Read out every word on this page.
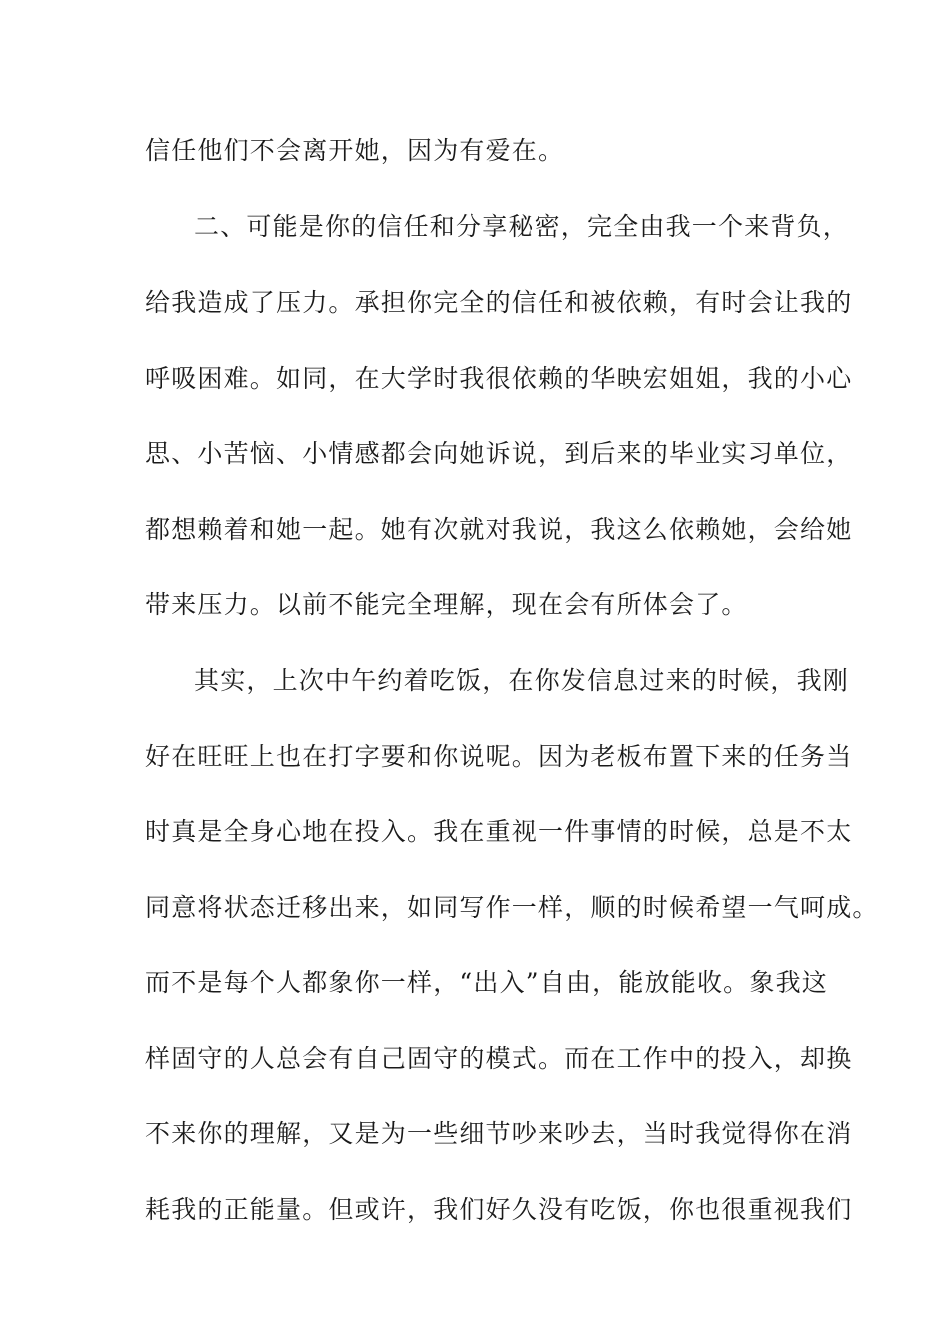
信任他们不会离开她，因为有爱在。
二、可能是你的信任和分享秘密，完全由我一个来背负，
给我造成了压力。承担你完全的信任和被依赖，有时会让我的
呼吸困难。如同，在大学时我很依赖的华映宏姐姐，我的小心
思、小苦恼、小情感都会向她诉说，到后来的毕业实习单位，
都想赖着和她一起。她有次就对我说，我这么依赖她，会给她
带来压力。以前不能完全理解，现在会有所体会了。
其实，上次中午约着吃饭，在你发信息过来的时候，我刚
好在旺旺上也在打字要和你说呢。因为老板布置下来的任务当
时真是全身心地在投入。我在重视一件事情的时候，总是不太
同意将状态迁移出来，如同写作一样，顺的时候希望一气呵成。
而不是每个人都象你一样，“出入”自由，能放能收。象我这
样固守的人总会有自己固守的模式。而在工作中的投入，却换
不来你的理解，又是为一些细节吵来吵去，当时我觉得你在消
耗我的正能量。但或许，我们好久没有吃饭，你也很重视我们
